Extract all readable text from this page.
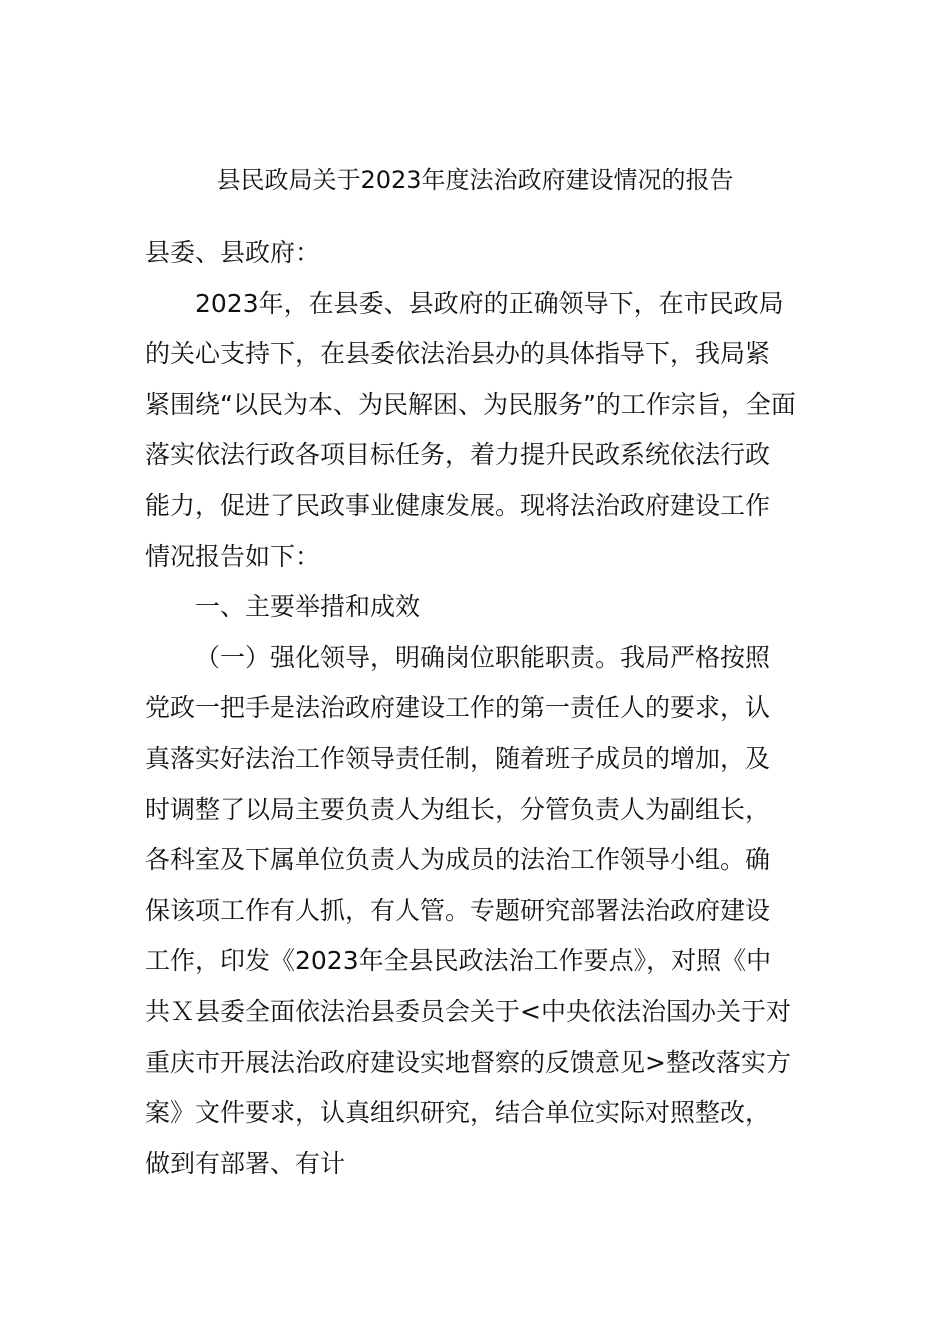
县民政局关于2023年度法治政府建设情况的报告
县委、县政府：
2023年，在县委、县政府的正确领导下，在市民政局
的关心支持下，在县委依法治县办的具体指导下，我局紧
紧围绕“以民为本、为民解困、为民服务”的工作宗旨，全面
落实依法行政各项目标任务，着力提升民政系统依法行政
能力，促进了民政事业健康发展。现将法治政府建设工作
情况报告如下：
一、主要举措和成效
（一）强化领导，明确岗位职能职责。我局严格按照
党政一把手是法治政府建设工作的第一责任人的要求，认
真落实好法治工作领导责任制，随着班子成员的增加，及
时调整了以局主要负责人为组长，分管负责人为副组长，
各科室及下属单位负责人为成员的法治工作领导小组。确
保该项工作有人抓，有人管。专题研究部署法治政府建设
工作，印发《2023年全县民政法治工作要点》，对照《中
共Ｘ县委全面依法治县委员会关于<中央依法治国办关于对
重庆市开展法治政府建设实地督察的反馈意见>整改落实方
案》文件要求，认真组织研究，结合单位实际对照整改，
做到有部署、有计
